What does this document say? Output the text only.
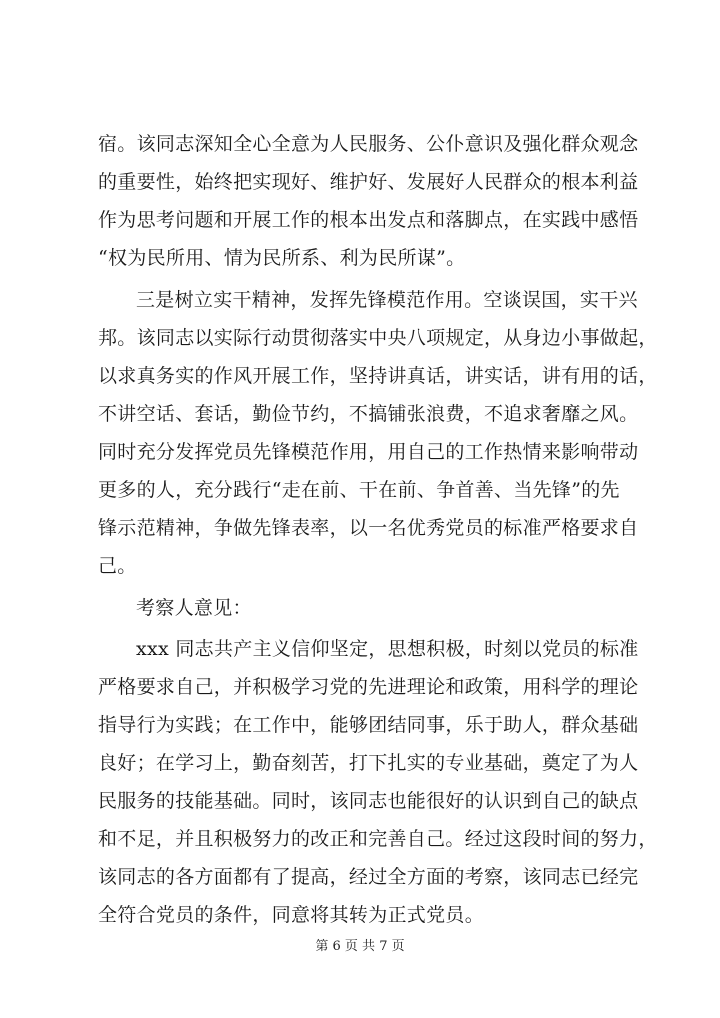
宿。该同志深知全心全意为人民服务、公仆意识及强化群众观念
的重要性，始终把实现好、维护好、发展好人民群众的根本利益
作为思考问题和开展工作的根本出发点和落脚点，在实践中感悟
“权为民所用、情为民所系、利为民所谋”。
三是树立实干精神，发挥先锋模范作用。空谈误国，实干兴
邦。该同志以实际行动贯彻落实中央八项规定，从身边小事做起，
以求真务实的作风开展工作，坚持讲真话，讲实话，讲有用的话，
不讲空话、套话，勤俭节约，不搞铺张浪费，不追求奢靡之风。
同时充分发挥党员先锋模范作用，用自己的工作热情来影响带动
更多的人，充分践行“走在前、干在前、争首善、当先锋”的先
锋示范精神，争做先锋表率，以一名优秀党员的标准严格要求自
己。
考察人意见：
xxx 同志共产主义信仰坚定，思想积极，时刻以党员的标准
严格要求自己，并积极学习党的先进理论和政策，用科学的理论
指导行为实践；在工作中，能够团结同事，乐于助人，群众基础
良好；在学习上，勤奋刻苦，打下扎实的专业基础，奠定了为人
民服务的技能基础。同时，该同志也能很好的认识到自己的缺点
和不足，并且积极努力的改正和完善自己。经过这段时间的努力，
该同志的各方面都有了提高，经过全方面的考察，该同志已经完
全符合党员的条件，同意将其转为正式党员。
第 6 页 共 7 页
